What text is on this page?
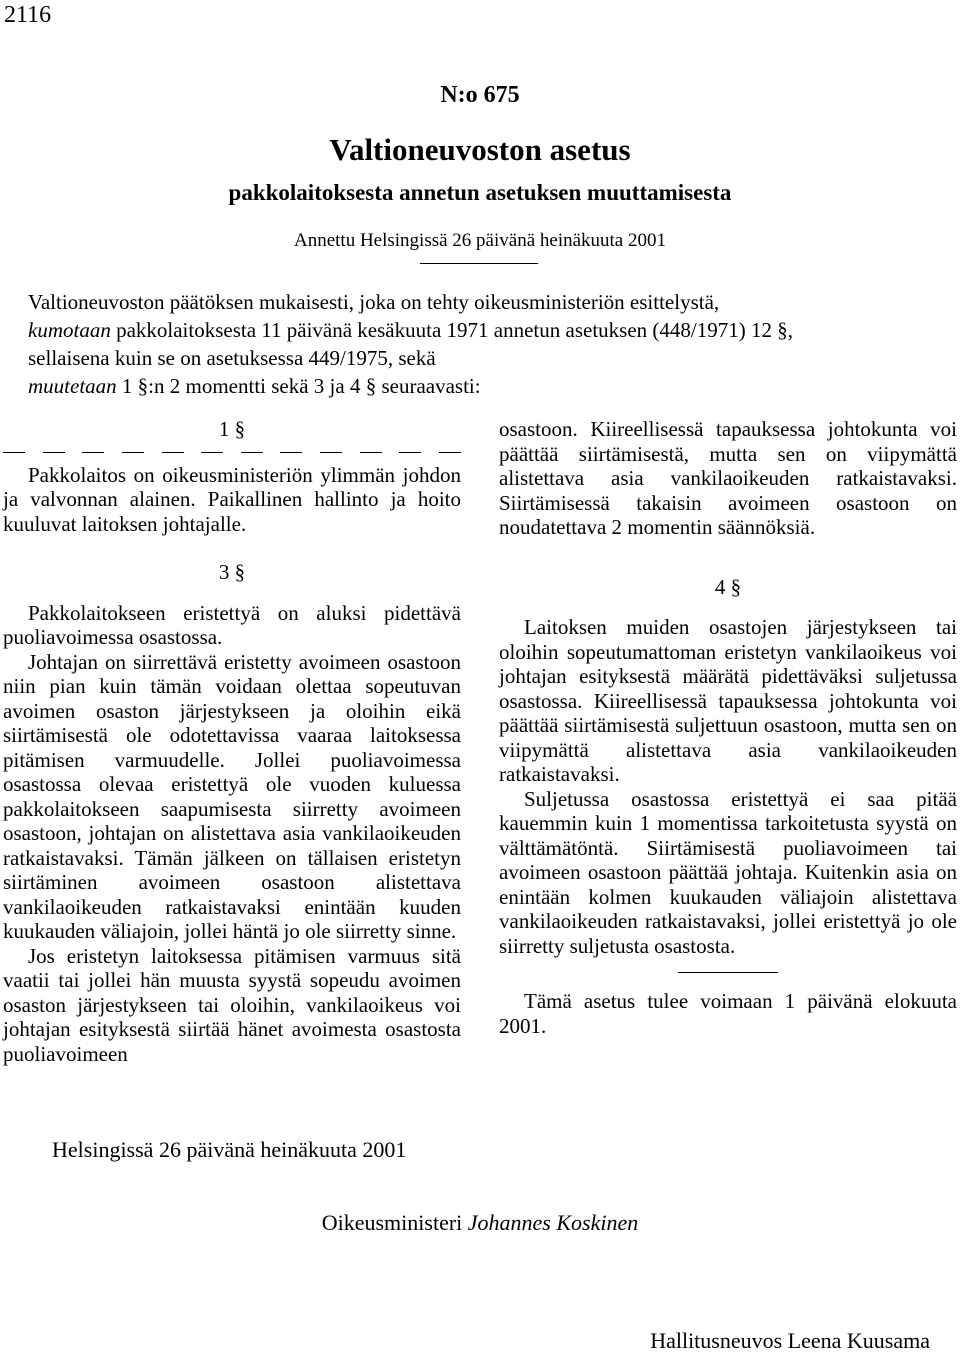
2116
N:o 675
Valtioneuvoston asetus
pakkolaitoksesta annetun asetuksen muuttamisesta
Annettu Helsingissä 26 päivänä heinäkuuta 2001

Valtioneuvoston päätöksen mukaisesti, joka on tehty oikeusministeriön esittelystä,

kumotaan pakkolaitoksesta 11 päivänä kesäkuuta 1971 annetun asetuksen (448/1971) 12 §,

sellaisena kuin se on asetuksessa 449/1975, sekä

muutetaan 1 §:n 2 momentti sekä 3 ja 4 § seuraavasti:

1 §

Pakkolaitos on oikeusministeriön ylimmän johdon ja valvonnan alainen. Paikallinen hallinto ja hoito kuuluvat laitoksen johtajalle.

3 §

Pakkolaitokseen eristettyä on aluksi pidettävä puoliavoimessa osastossa.

Johtajan on siirrettävä eristetty avoimeen osastoon niin pian kuin tämän voidaan olettaa sopeutuvan avoimen osaston järjestykseen ja oloihin eikä siirtämisestä ole odotettavissa vaaraa laitoksessa pitämisen varmuudelle. Jollei puoliavoimessa osastossa olevaa eristettyä ole vuoden kuluessa pakkolaitokseen saapumisesta siirretty avoimeen osastoon, johtajan on alistettava asia vankilaoikeuden ratkaistavaksi. Tämän jälkeen on tällaisen eristetyn siirtäminen avoimeen osastoon alistettava vankilaoikeuden ratkaistavaksi enintään kuuden kuukauden väliajoin, jollei häntä jo ole siirretty sinne.

Jos eristetyn laitoksessa pitämisen varmuus sitä vaatii tai jollei hän muusta syystä sopeudu avoimen osaston järjestykseen tai oloihin, vankilaoikeus voi johtajan esityksestä siirtää hänet avoimesta osastosta puoliavoimeen

osastoon. Kiireellisessä tapauksessa johtokunta voi päättää siirtämisestä, mutta sen on viipymättä alistettava asia vankilaoikeuden ratkaistavaksi. Siirtämisessä takaisin avoimeen osastoon on noudatettava 2 momentin säännöksiä.

4 §

Laitoksen muiden osastojen järjestykseen tai oloihin sopeutumattoman eristetyn vankilaoikeus voi johtajan esityksestä määrätä pidettäväksi suljetussa osastossa. Kiireellisessä tapauksessa johtokunta voi päättää siirtämisestä suljettuun osastoon, mutta sen on viipymättä alistettava asia vankilaoikeuden ratkaistavaksi.

Suljetussa osastossa eristettyä ei saa pitää kauemmin kuin 1 momentissa tarkoitetusta syystä on välttämätöntä. Siirtämisestä puoliavoimeen tai avoimeen osastoon päättää johtaja. Kuitenkin asia on enintään kolmen kuukauden väliajoin alistettava vankilaoikeuden ratkaistavaksi, jollei eristettyä jo ole siirretty suljetusta osastosta.

Tämä asetus tulee voimaan 1 päivänä elokuuta 2001.

Helsingissä 26 päivänä heinäkuuta 2001
Oikeusministeri Johannes Koskinen
Hallitusneuvos Leena Kuusama
